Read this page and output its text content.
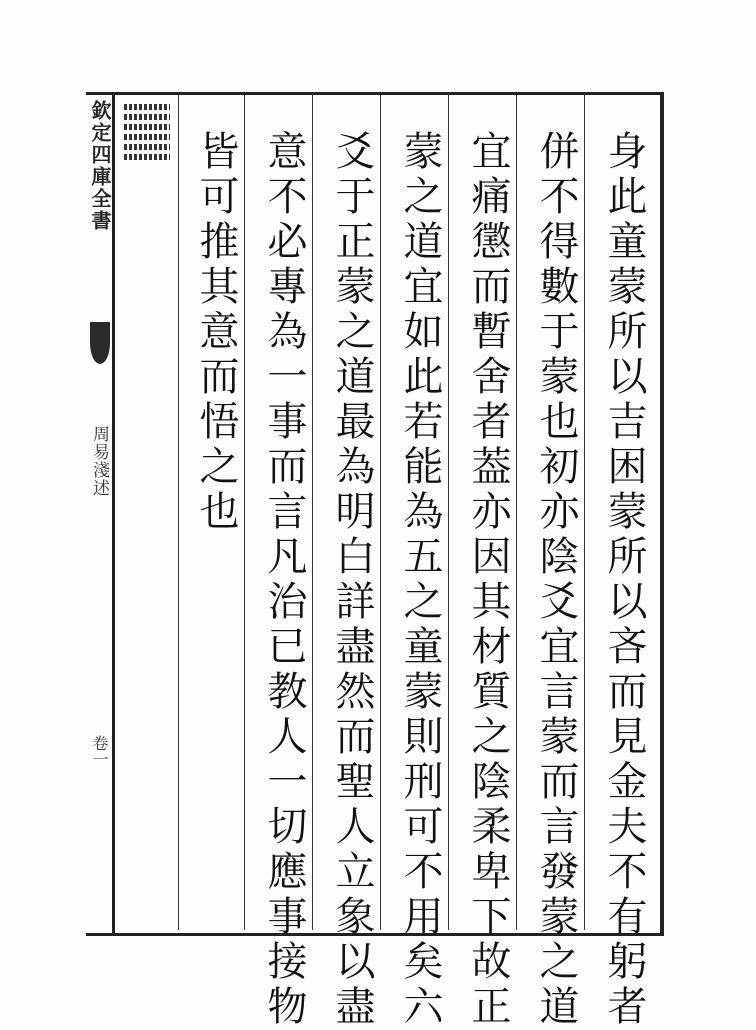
欽定四庫全書
周易淺述
卷一	身此童蒙所以吉困蒙所以吝而見金夫不有躬者
併不得數于蒙也初亦陰爻宜言蒙而言發蒙之道
宜痛懲而暫舍者葢亦因其材質之陰柔卑下故正
蒙之道宜如此若能為五之童蒙則刑可不用矣六
爻于正蒙之道最為明白詳盡然而聖人立象以盡
意不必專為一事而言凡治已教人一切應事接物
皆可推其意而悟之也
